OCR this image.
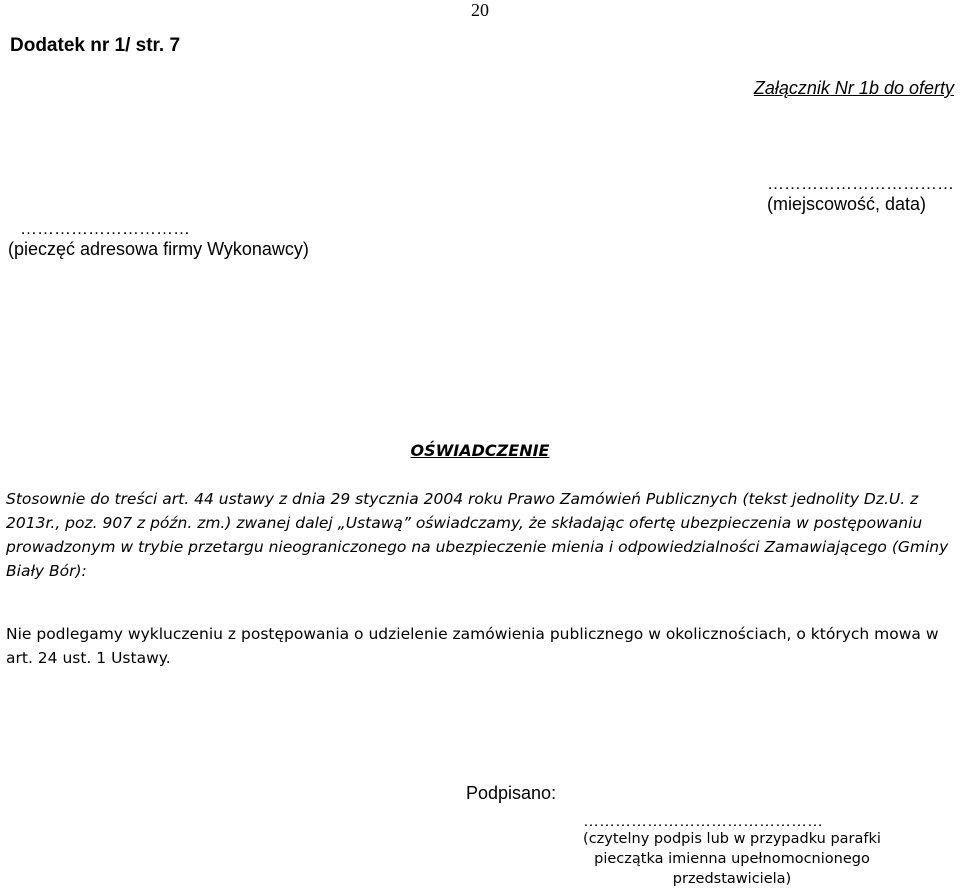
20
Dodatek nr 1/ str. 7
Załącznik Nr 1b do oferty
……………………………
(miejscowość, data)
…………………………
(pieczęć adresowa firmy Wykonawcy)
OŚWIADCZENIE
Stosownie do treści art. 44 ustawy z dnia 29 stycznia 2004 roku Prawo Zamówień Publicznych (tekst jednolity Dz.U. z 2013r., poz. 907 z późn. zm.) zwanej dalej „Ustawą” oświadczamy, że składając ofertę ubezpieczenia w postępowaniu prowadzonym w trybie przetargu nieograniczonego na ubezpieczenie mienia i odpowiedzialności Zamawiającego (Gminy Biały Bór):
Nie podlegamy wykluczeniu z postępowania o udzielenie zamówienia publicznego w okolicznościach, o których mowa w art. 24 ust. 1 Ustawy.
Podpisano:
………………………………………
(czytelny podpis lub w przypadku parafki pieczątka imienna upełnomocnionego przedstawiciela)
